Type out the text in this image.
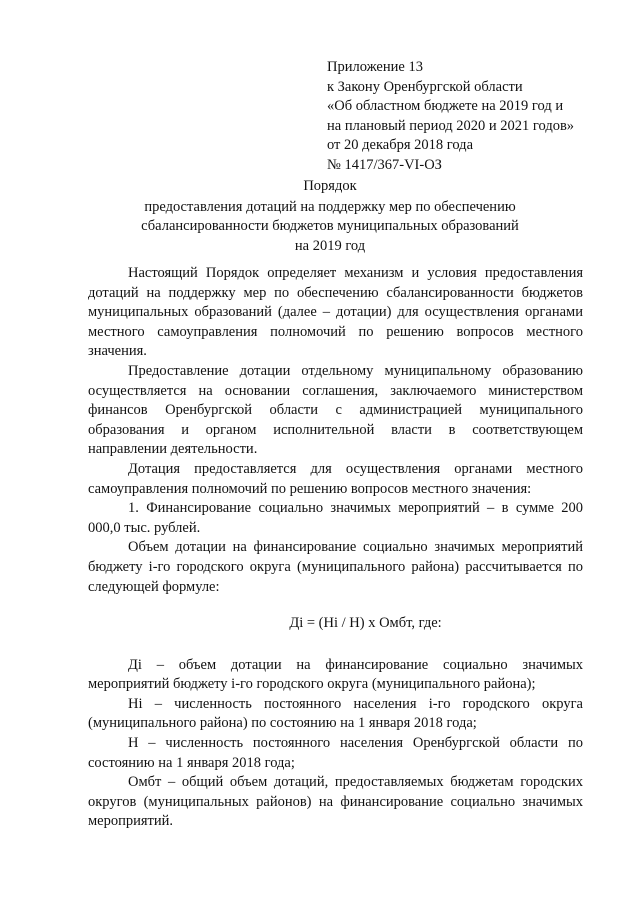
Приложение 13
к Закону Оренбургской области
«Об областном бюджете на 2019 год и
на плановый период 2020 и 2021 годов»
от 20 декабря 2018 года
№ 1417/367-VI-ОЗ
Порядок
предоставления дотаций на поддержку мер по обеспечению
сбалансированности бюджетов муниципальных образований
на 2019 год

Настоящий Порядок определяет механизм и условия предоставления дотаций на поддержку мер по обеспечению сбалансированности бюджетов муниципальных образований (далее – дотации) для осуществления органами местного самоуправления полномочий по решению вопросов местного значения.

Предоставление дотации отдельному муниципальному образованию осуществляется на основании соглашения, заключаемого министерством финансов Оренбургской области с администрацией муниципального образования и органом исполнительной власти в соответствующем направлении деятельности.

Дотация предоставляется для осуществления органами местного самоуправления полномочий по решению вопросов местного значения:

1. Финансирование социально значимых мероприятий – в сумме 200 000,0 тыс. рублей.

Объем дотации на финансирование социально значимых мероприятий бюджету i-го городского округа (муниципального района) рассчитывается по следующей формуле:

Дi = (Нi / Н) х Омбт, где:

Дi – объем дотации на финансирование социально значимых мероприятий бюджету i-го городского округа (муниципального района);

Нi – численность постоянного населения i-го городского округа (муниципального района) по состоянию на 1 января 2018 года;

Н – численность постоянного населения Оренбургской области по состоянию на 1 января 2018 года;

Омбт – общий объем дотаций, предоставляемых бюджетам городских округов (муниципальных районов) на финансирование социально значимых мероприятий.
